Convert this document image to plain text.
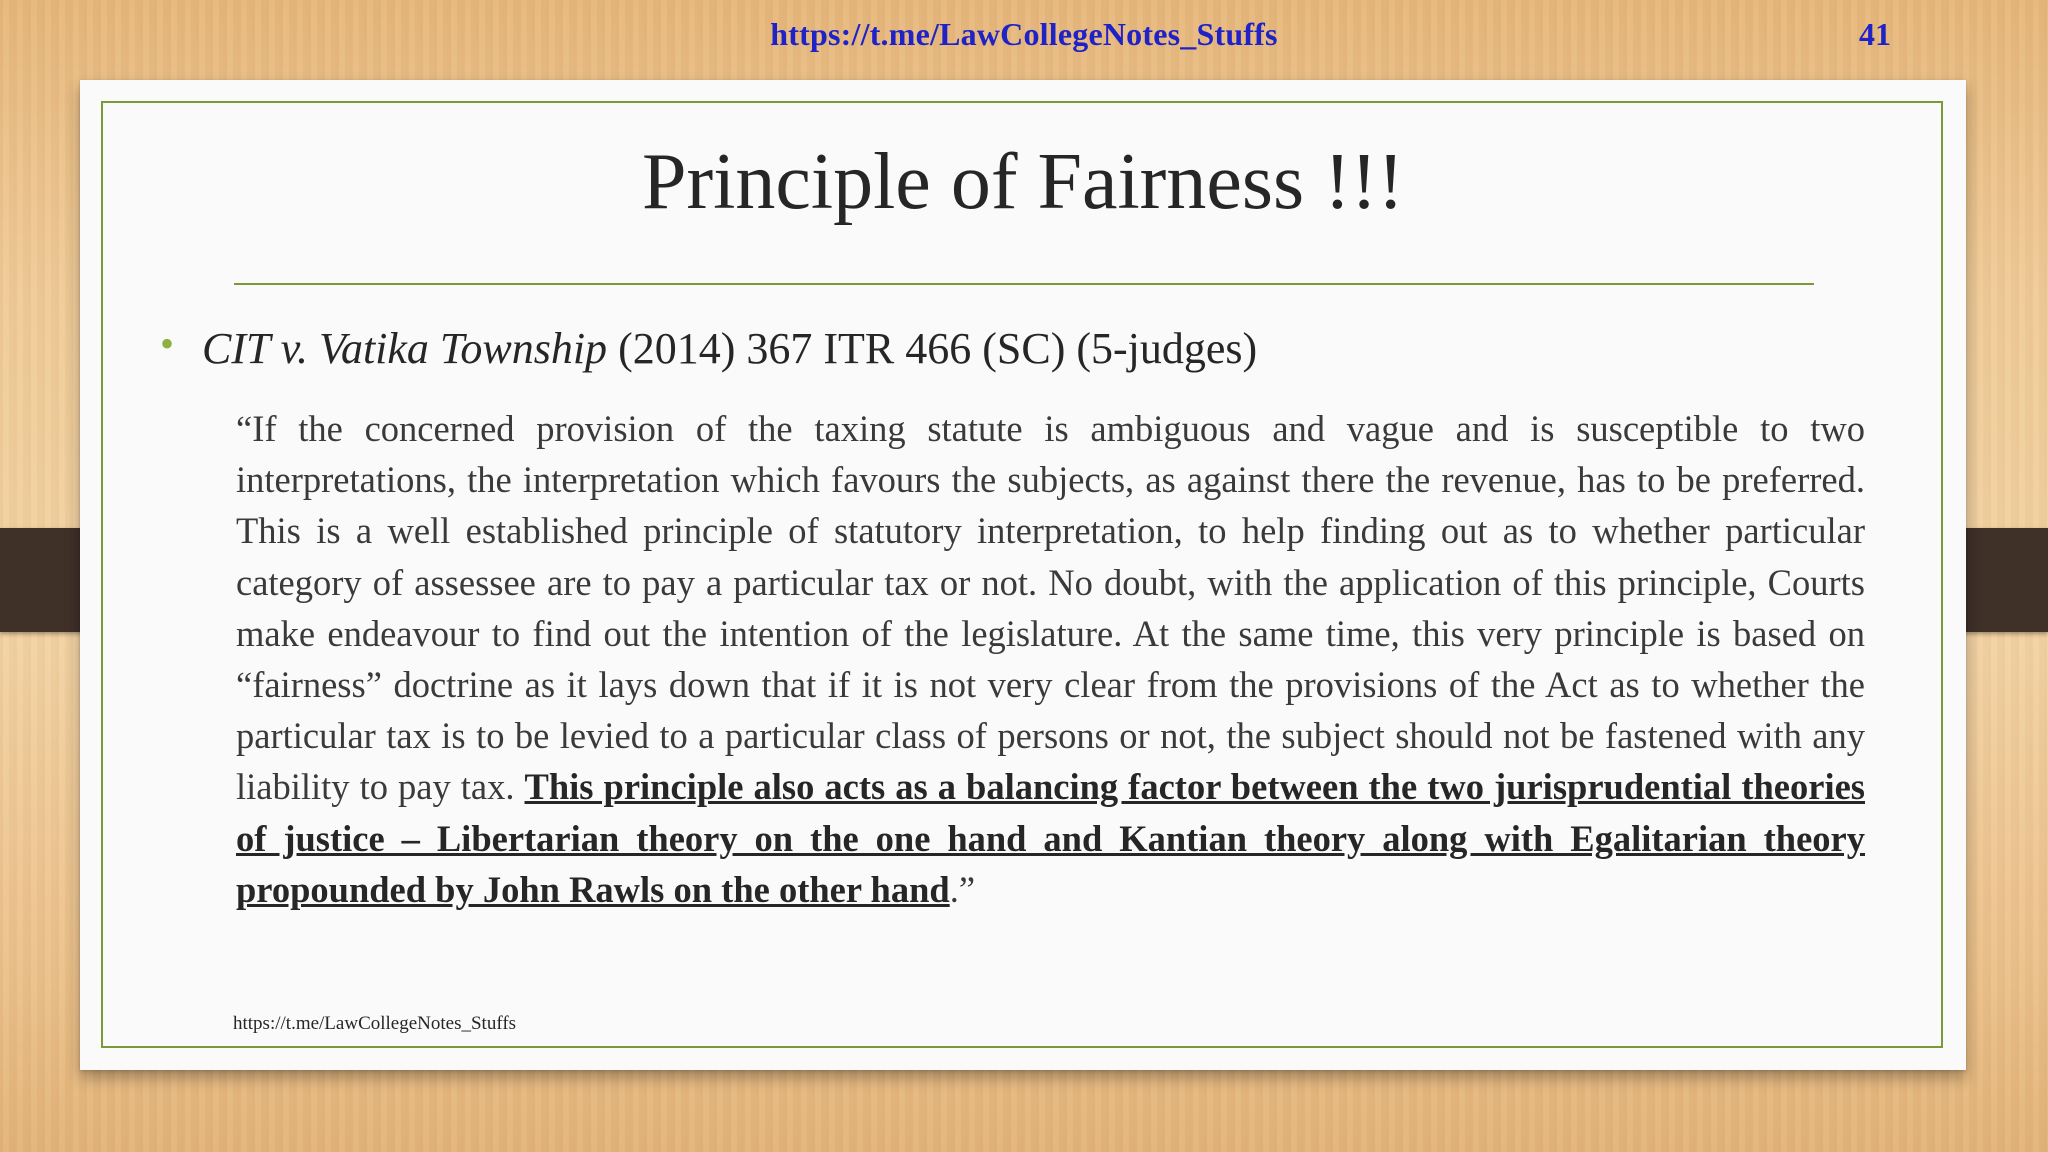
https://t.me/LawCollegeNotes_Stuffs	41
Principle of Fairness !!!
• CIT v. Vatika Township (2014) 367 ITR 466 (SC) (5-judges)
“If the concerned provision of the taxing statute is ambiguous and vague and is susceptible to two interpretations, the interpretation which favours the subjects, as against there the revenue, has to be preferred. This is a well established principle of statutory interpretation, to help finding out as to whether particular category of assessee are to pay a particular tax or not. No doubt, with the application of this principle, Courts make endeavour to find out the intention of the legislature. At the same time, this very principle is based on “fairness” doctrine as it lays down that if it is not very clear from the provisions of the Act as to whether the particular tax is to be levied to a particular class of persons or not, the subject should not be fastened with any liability to pay tax. This principle also acts as a balancing factor between the two jurisprudential theories of justice – Libertarian theory on the one hand and Kantian theory along with Egalitarian theory propounded by John Rawls on the other hand.”
https://t.me/LawCollegeNotes_Stuffs
